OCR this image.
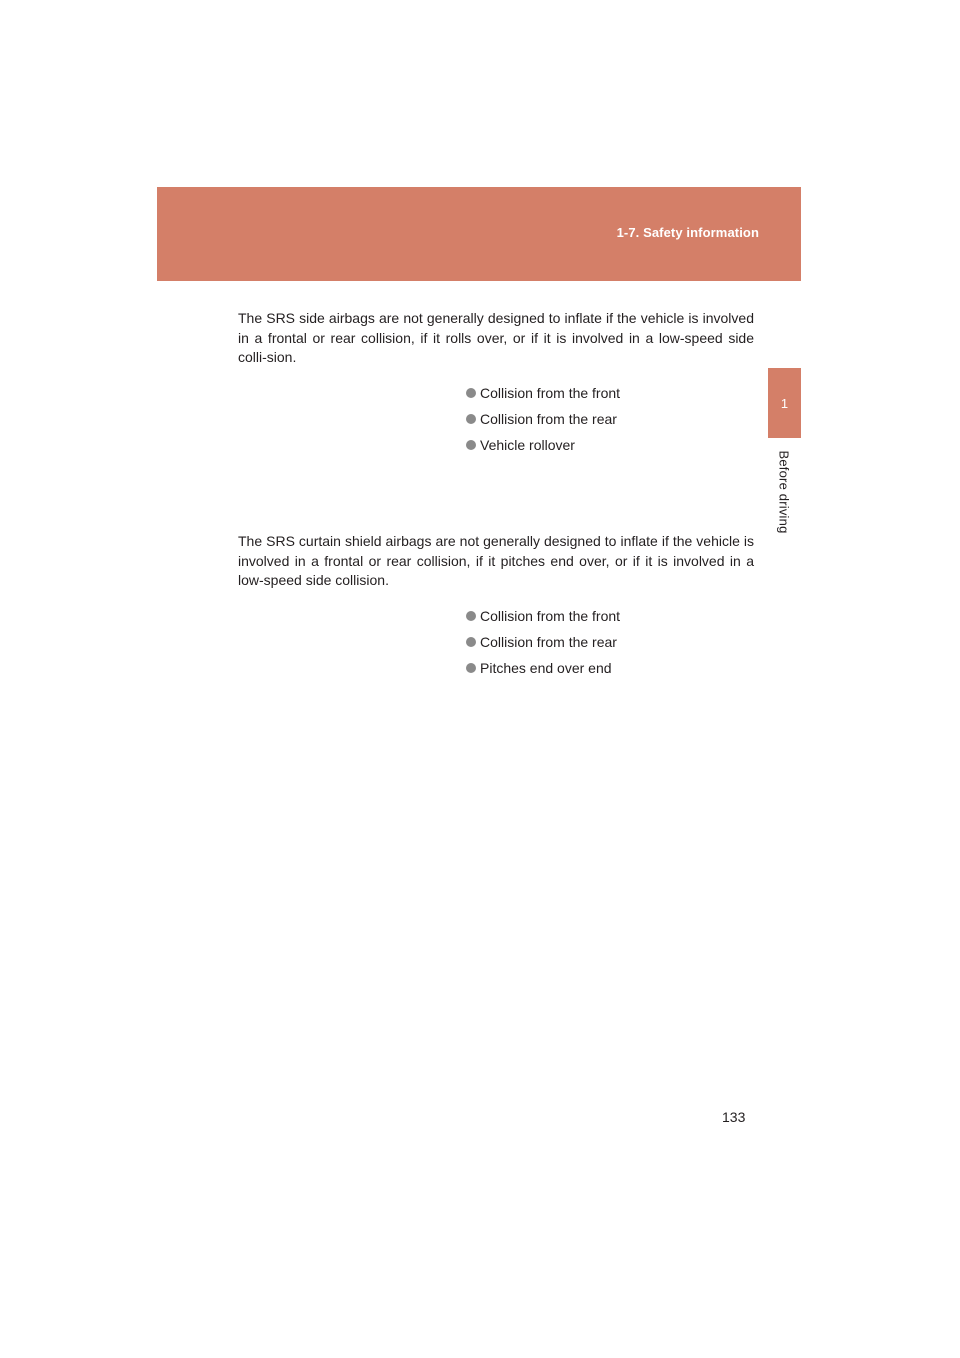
1-7. Safety information
1
Before driving

The SRS side airbags are not generally designed to inflate if the vehicle is involved in a frontal or rear collision, if it rolls over, or if it is involved in a low-speed side colli-sion.

Collision from the front
Collision from the rear
Vehicle rollover

The SRS curtain shield airbags are not generally designed to inflate if the vehicle is involved in a frontal or rear collision, if it pitches end over, or if it is involved in a low-speed side collision.

Collision from the front
Collision from the rear
Pitches end over end
133
